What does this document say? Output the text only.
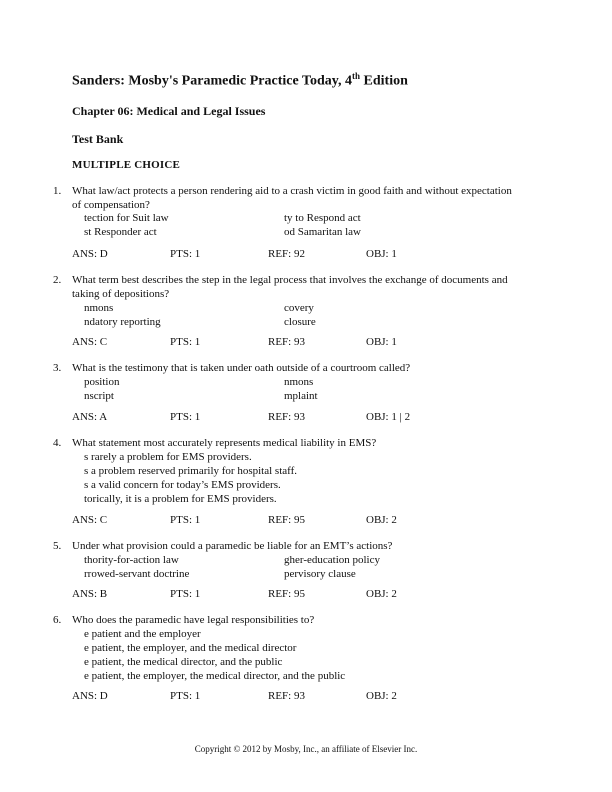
Sanders: Mosby's Paramedic Practice Today, 4th Edition
Chapter 06: Medical and Legal Issues
Test Bank
MULTIPLE CHOICE
1. What law/act protects a person rendering aid to a crash victim in good faith and without expectation of compensation?
tection for Suit law	ty to Respond act
st Responder act	od Samaritan law
ANS: D	PTS: 1	REF: 92	OBJ: 1
2. What term best describes the step in the legal process that involves the exchange of documents and taking of depositions?
nmons	covery
ndatory reporting	closure
ANS: C	PTS: 1	REF: 93	OBJ: 1
3. What is the testimony that is taken under oath outside of a courtroom called?
position	nmons
nscript	mplaint
ANS: A	PTS: 1	REF: 93	OBJ: 1 | 2
4. What statement most accurately represents medical liability in EMS?
s rarely a problem for EMS providers.
s a problem reserved primarily for hospital staff.
s a valid concern for today’s EMS providers.
torically, it is a problem for EMS providers.
ANS: C	PTS: 1	REF: 95	OBJ: 2
5. Under what provision could a paramedic be liable for an EMT’s actions?
thority-for-action law	gher-education policy
rrowed-servant doctrine	pervisory clause
ANS: B	PTS: 1	REF: 95	OBJ: 2
6. Who does the paramedic have legal responsibilities to?
e patient and the employer
e patient, the employer, and the medical director
e patient, the medical director, and the public
e patient, the employer, the medical director, and the public
ANS: D	PTS: 1	REF: 93	OBJ: 2
Copyright © 2012 by Mosby, Inc., an affiliate of Elsevier Inc.
